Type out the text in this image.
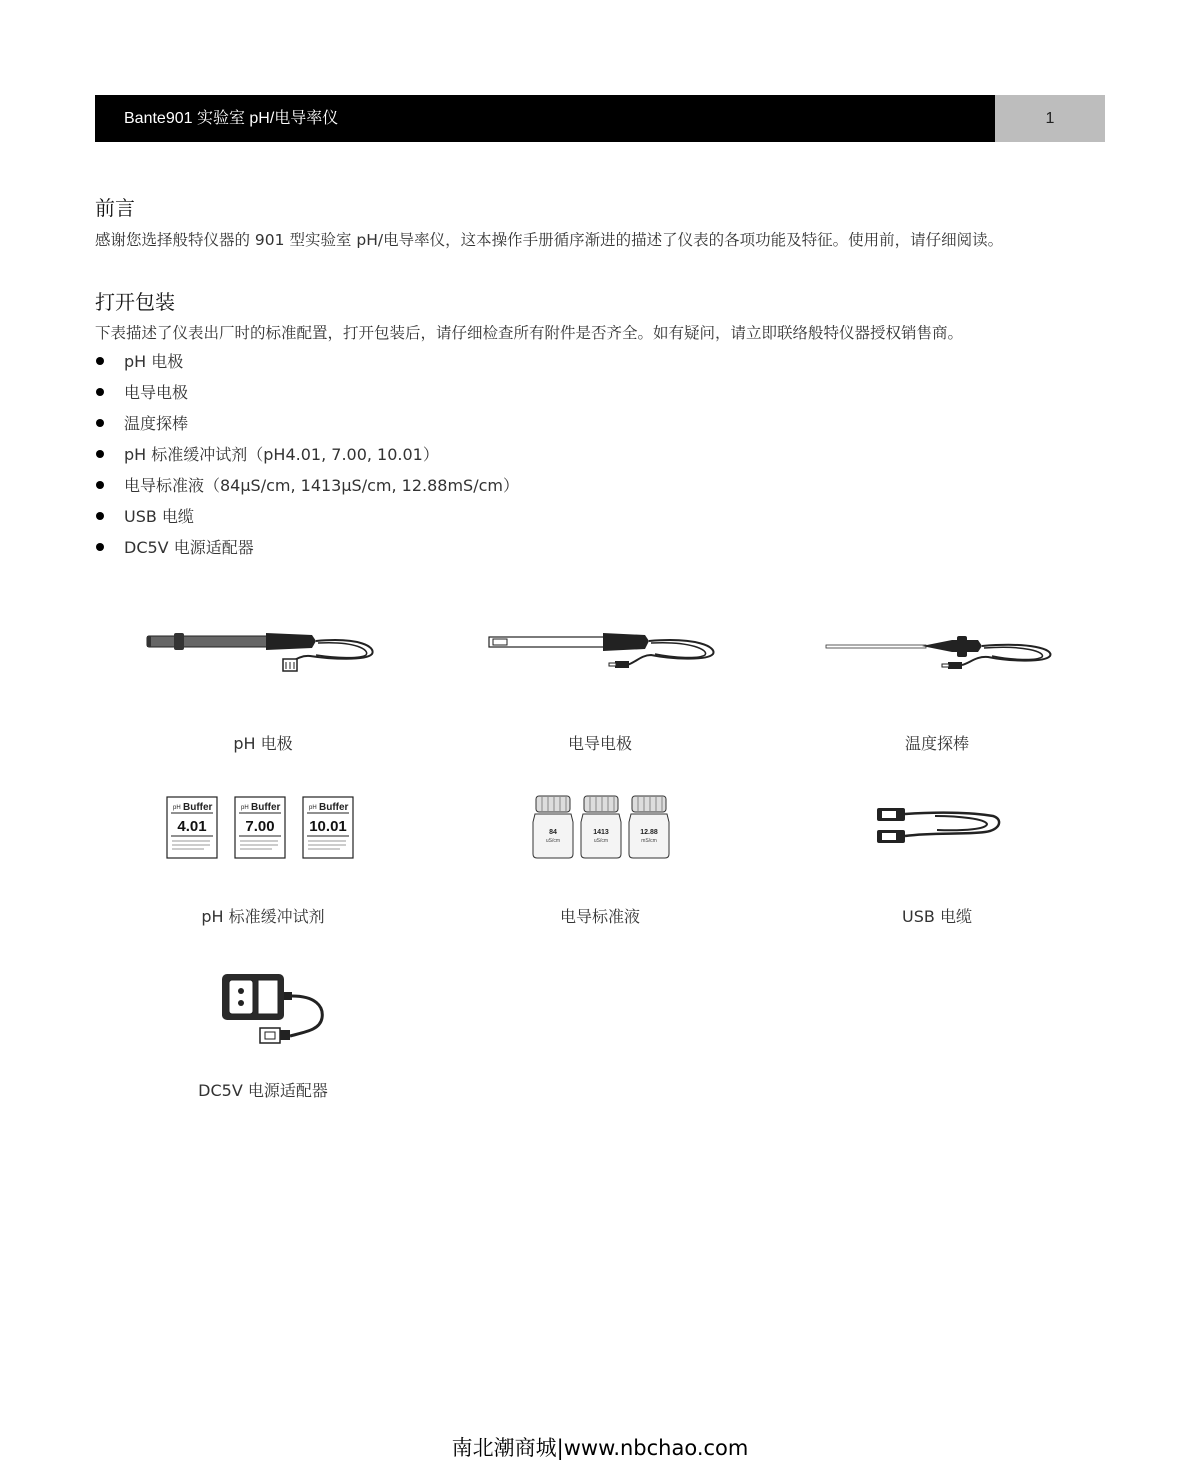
Bante901 实验室 pH/电导率仪	1
前言
感谢您选择般特仪器的 901 型实验室 pH/电导率仪，这本操作手册循序渐进的描述了仪表的各项功能及特征。使用前，请仔细阅读。
打开包装
下表描述了仪表出厂时的标准配置，打开包装后，请仔细检查所有附件是否齐全。如有疑问，请立即联络般特仪器授权销售商。
pH 电极
电导电极
温度探棒
pH 标准缓冲试剂（pH4.01, 7.00, 10.01）
电导标准液（84μS/cm, 1413μS/cm, 12.88mS/cm）
USB 电缆
DC5V 电源适配器
pH 电极	电导电极	温度探棒
pH Buffer
4.01
pH Buffer
7.00
pH Buffer
10.01	84
uS/cm
1413
uS/cm
12.88
mS/cm
pH 标准缓冲试剂	电导标准液	USB 电缆
DC5V 电源适配器
南北潮商城|www.nbchao.com
